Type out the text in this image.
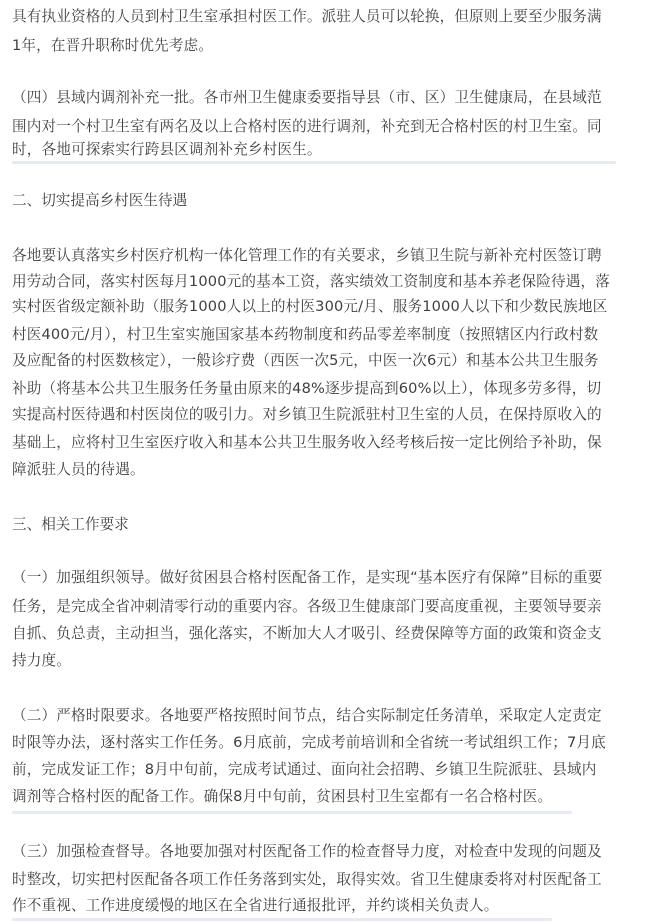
具有执业资格的人员到村卫生室承担村医工作。派驻人员可以轮换，但原则上要至少服务满
1年，在晋升职称时优先考虑。
（四）县域内调剂补充一批。各市州卫生健康委要指导县（市、区）卫生健康局，在县域范
围内对一个村卫生室有两名及以上合格村医的进行调剂，补充到无合格村医的村卫生室。同
时，各地可探索实行跨县区调剂补充乡村医生。
二、切实提高乡村医生待遇
各地要认真落实乡村医疗机构一体化管理工作的有关要求，乡镇卫生院与新补充村医签订聘
用劳动合同，落实村医每月1000元的基本工资，落实绩效工资制度和基本养老保险待遇，落
实村医省级定额补助（服务1000人以上的村医300元/月、服务1000人以下和少数民族地区
村医400元/月），村卫生室实施国家基本药物制度和药品零差率制度（按照辖区内行政村数
及应配备的村医数核定），一般诊疗费（西医一次5元，中医一次6元）和基本公共卫生服务
补助（将基本公共卫生服务任务量由原来的48%逐步提高到60%以上），体现多劳多得，切
实提高村医待遇和村医岗位的吸引力。对乡镇卫生院派驻村卫生室的人员，在保持原收入的
基础上，应将村卫生室医疗收入和基本公共卫生服务收入经考核后按一定比例给予补助，保
障派驻人员的待遇。
三、相关工作要求
（一）加强组织领导。做好贫困县合格村医配备工作，是实现“基本医疗有保障”目标的重要
任务，是完成全省冲刺清零行动的重要内容。各级卫生健康部门要高度重视，主要领导要亲
自抓、负总责，主动担当，强化落实，不断加大人才吸引、经费保障等方面的政策和资金支
持力度。
（二）严格时限要求。各地要严格按照时间节点，结合实际制定任务清单，采取定人定责定
时限等办法，逐村落实工作任务。6月底前，完成考前培训和全省统一考试组织工作；7月底
前，完成发证工作；8月中旬前，完成考试通过、面向社会招聘、乡镇卫生院派驻、县域内
调剂等合格村医的配备工作。确保8月中旬前，贫困县村卫生室都有一名合格村医。
（三）加强检查督导。各地要加强对村医配备工作的检查督导力度，对检查中发现的问题及
时整改，切实把村医配备各项工作任务落到实处，取得实效。省卫生健康委将对村医配备工
作不重视、工作进度缓慢的地区在全省进行通报批评，并约谈相关负责人。
